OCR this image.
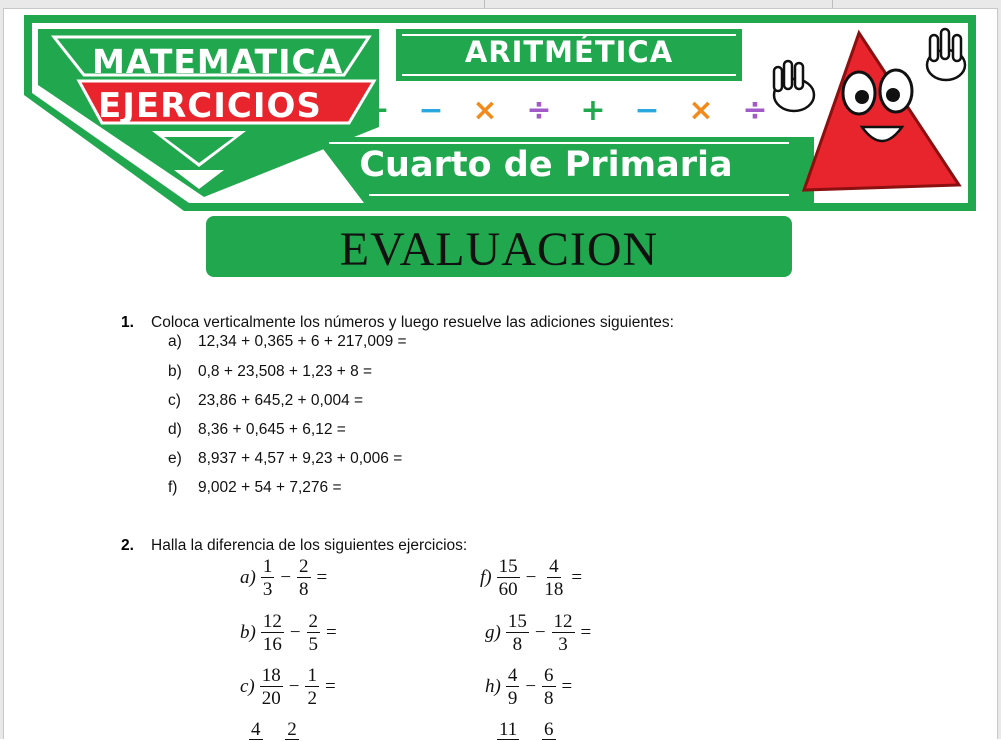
MATEMATICA
EJERCICIOS
ARITMÉTICA
+ − × ÷ + − × ÷
Cuarto de Primaria
EVALUACION
1. Coloca verticalmente los números y luego resuelve las adiciones siguientes:
a) 12,34 + 0,365 + 6 + 217,009 =
b) 0,8 + 23,508 + 1,23 + 8 =
c) 23,86 + 645,2 + 0,004 =
d) 8,36 + 0,645 + 6,12 =
e) 8,937 + 4,57 + 9,23 + 0,006 =
f) 9,002 + 54 + 7,276 =
2. Halla la diferencia de los siguientes ejercicios:
$a) \frac{1}{3} - \frac{2}{8}$ =
$b) \frac{12}{16} - \frac{2}{5}$ =
$c) \frac{18}{20} - \frac{1}{2}$ =
4 2
$f) \frac{15}{60} - \frac{4}{18}$ =
$g) \frac{15}{8} - \frac{12}{3}$ =
$h) \frac{4}{9} - \frac{6}{8}$ =
11 6
